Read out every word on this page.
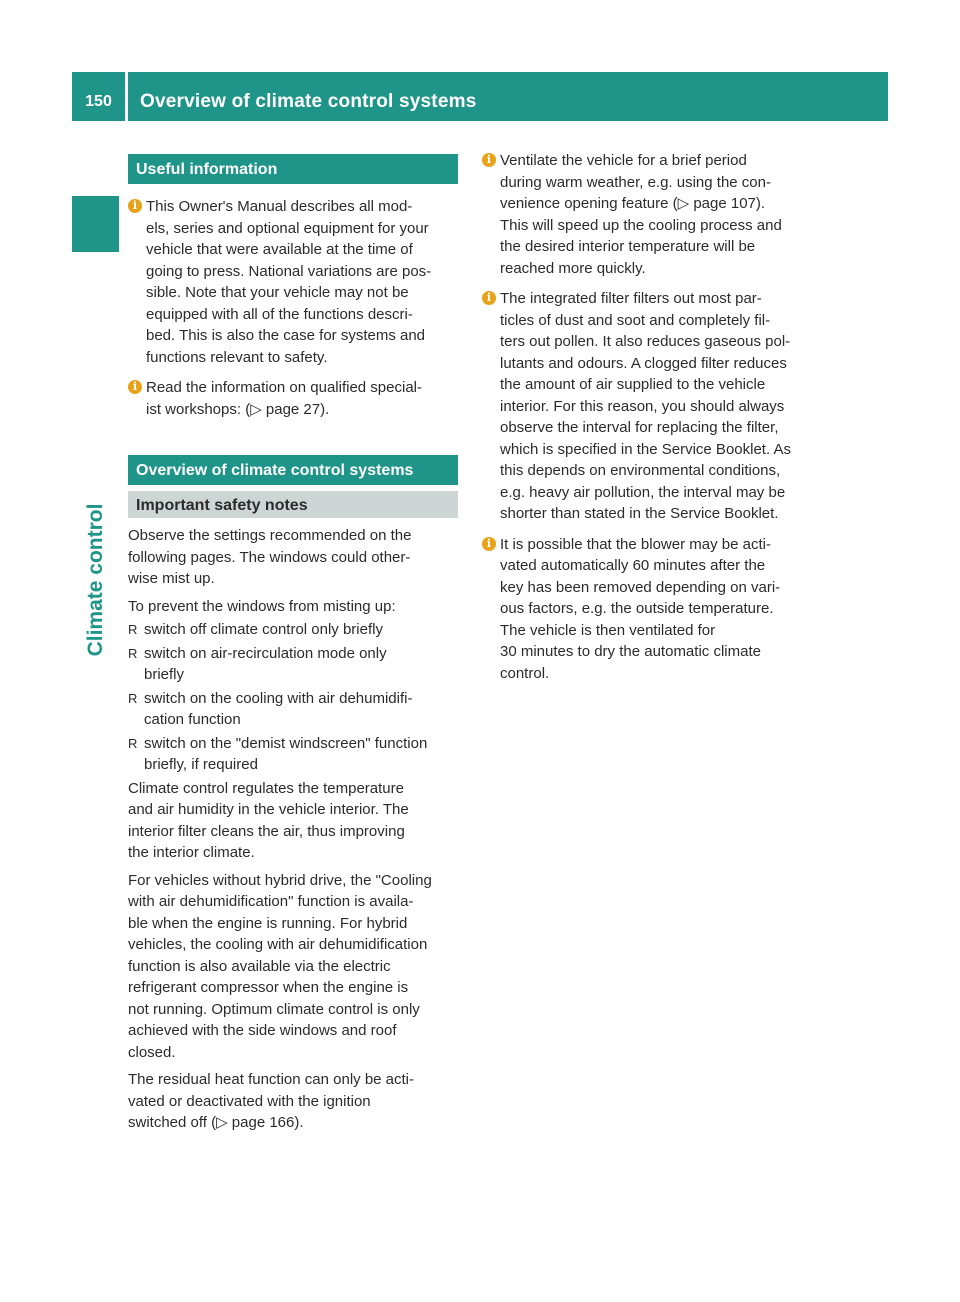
150	Overview of climate control systems
Climate control
Useful information
i This Owner's Manual describes all mod-
els, series and optional equipment for your
vehicle that were available at the time of
going to press. National variations are pos-
sible. Note that your vehicle may not be
equipped with all of the functions descri-
bed. This is also the case for systems and
functions relevant to safety.
i Read the information on qualified special-
ist workshops: (▷ page 27).
Overview of climate control systems
Important safety notes
Observe the settings recommended on the
following pages. The windows could other-
wise mist up.
To prevent the windows from misting up:
R switch off climate control only briefly
R switch on air-recirculation mode only
briefly
R switch on the cooling with air dehumidifi-
cation function
R switch on the "demist windscreen" function
briefly, if required
Climate control regulates the temperature
and air humidity in the vehicle interior. The
interior filter cleans the air, thus improving
the interior climate.
For vehicles without hybrid drive, the "Cooling
with air dehumidification" function is availa-
ble when the engine is running. For hybrid
vehicles, the cooling with air dehumidification
function is also available via the electric
refrigerant compressor when the engine is
not running. Optimum climate control is only
achieved with the side windows and roof
closed.
The residual heat function can only be acti-
vated or deactivated with the ignition
switched off (▷ page 166).
i Ventilate the vehicle for a brief period
during warm weather, e.g. using the con-
venience opening feature (▷ page 107).
This will speed up the cooling process and
the desired interior temperature will be
reached more quickly.
i The integrated filter filters out most par-
ticles of dust and soot and completely fil-
ters out pollen. It also reduces gaseous pol-
lutants and odours. A clogged filter reduces
the amount of air supplied to the vehicle
interior. For this reason, you should always
observe the interval for replacing the filter,
which is specified in the Service Booklet. As
this depends on environmental conditions,
e.g. heavy air pollution, the interval may be
shorter than stated in the Service Booklet.
i It is possible that the blower may be acti-
vated automatically 60 minutes after the
key has been removed depending on vari-
ous factors, e.g. the outside temperature.
The vehicle is then ventilated for
30 minutes to dry the automatic climate
control.
